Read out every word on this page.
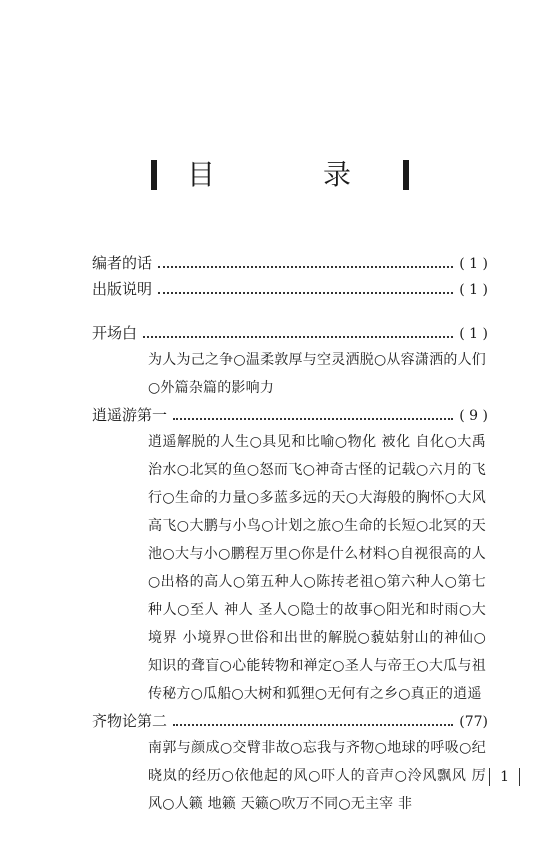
目　录
编者的话	( 1 )
出版说明	( 1 )
开场白	( 1 )
为人为己之争○温柔敦厚与空灵洒脱○从容潇洒的人们○外篇杂篇的影响力
逍遥游第一	( 9 )
逍遥解脱的人生○具见和比喻○物化 被化 自化○大禹治水○北冥的鱼○怒而飞○神奇古怪的记载○六月的飞行○生命的力量○多蓝多远的天○大海般的胸怀○大风高飞○大鹏与小鸟○计划之旅○生命的长短○北冥的天池○大与小○鹏程万里○你是什么材料○自视很高的人○出格的高人○第五种人○陈抟老祖○第六种人○第七种人○至人 神人 圣人○隐士的故事○阳光和时雨○大境界 小境界○世俗和出世的解脱○藐姑射山的神仙○知识的聋盲○心能转物和禅定○圣人与帝王○大瓜与祖传秘方○瓜船○大树和狐狸○无何有之乡○真正的逍遥
齐物论第二	(77)
南郭与颜成○交臂非故○忘我与齐物○地球的呼吸○纪晓岚的经历○依他起的风○吓人的音声○泠风飘风 厉风○人籁 地籁 天籁○吹万不同○无主宰 非
1
